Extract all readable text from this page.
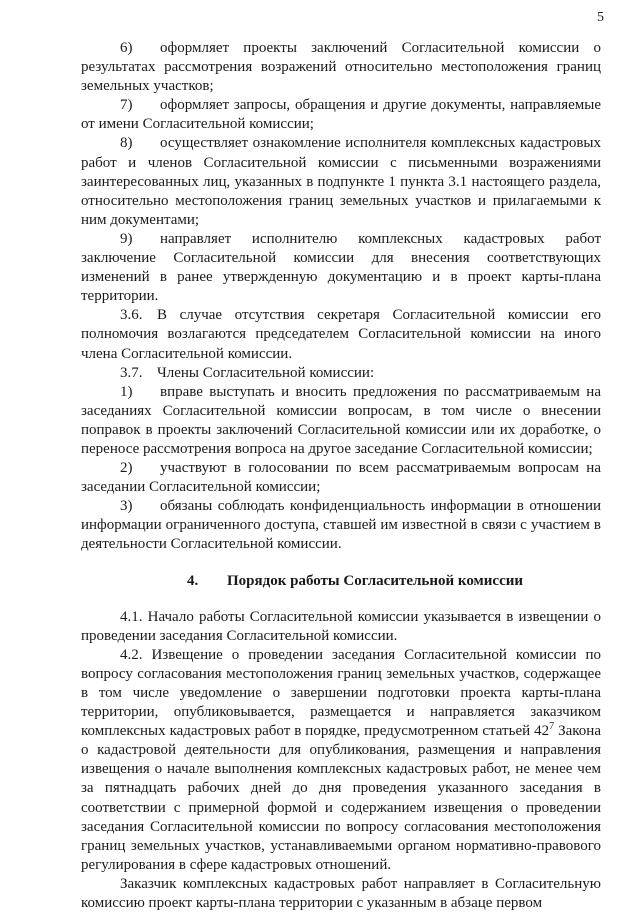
5

6) оформляет проекты заключений Согласительной комиссии о результатах рассмотрения возражений относительно местоположения границ земельных участков;

7) оформляет запросы, обращения и другие документы, направляемые от имени Согласительной комиссии;

8) осуществляет ознакомление исполнителя комплексных кадастровых работ и членов Согласительной комиссии с письменными возражениями заинтересованных лиц, указанных в подпункте 1 пункта 3.1 настоящего раздела, относительно местоположения границ земельных участков и прилагаемыми к ним документами;

9) направляет исполнителю комплексных кадастровых работ заключение Согласительной комиссии для внесения соответствующих изменений в ранее утвержденную документацию и в проект карты-плана территории.

3.6. В случае отсутствия секретаря Согласительной комиссии его полномочия возлагаются председателем Согласительной комиссии на иного члена Согласительной комиссии.

3.7. Члены Согласительной комиссии:

1) вправе выступать и вносить предложения по рассматриваемым на заседаниях Согласительной комиссии вопросам, в том числе о внесении поправок в проекты заключений Согласительной комиссии или их доработке, о переносе рассмотрения вопроса на другое заседание Согласительной комиссии;

2) участвуют в голосовании по всем рассматриваемым вопросам на заседании Согласительной комиссии;

3) обязаны соблюдать конфиденциальность информации в отношении информации ограниченного доступа, ставшей им известной в связи с участием в деятельности Согласительной комиссии.

4. Порядок работы Согласительной комиссии

4.1. Начало работы Согласительной комиссии указывается в извещении о проведении заседания Согласительной комиссии.

4.2. Извещение о проведении заседания Согласительной комиссии по вопросу согласования местоположения границ земельных участков, содержащее в том числе уведомление о завершении подготовки проекта карты-плана территории, опубликовывается, размещается и направляется заказчиком комплексных кадастровых работ в порядке, предусмотренном статьей $42^7$ Закона о кадастровой деятельности для опубликования, размещения и направления извещения о начале выполнения комплексных кадастровых работ, не менее чем за пятнадцать рабочих дней до дня проведения указанного заседания в соответствии с примерной формой и содержанием извещения о проведении заседания Согласительной комиссии по вопросу согласования местоположения границ земельных участков, устанавливаемыми органом нормативно-правового регулирования в сфере кадастровых отношений.

Заказчик комплексных кадастровых работ направляет в Согласительную комиссию проект карты-плана территории с указанным в абзаце первом
